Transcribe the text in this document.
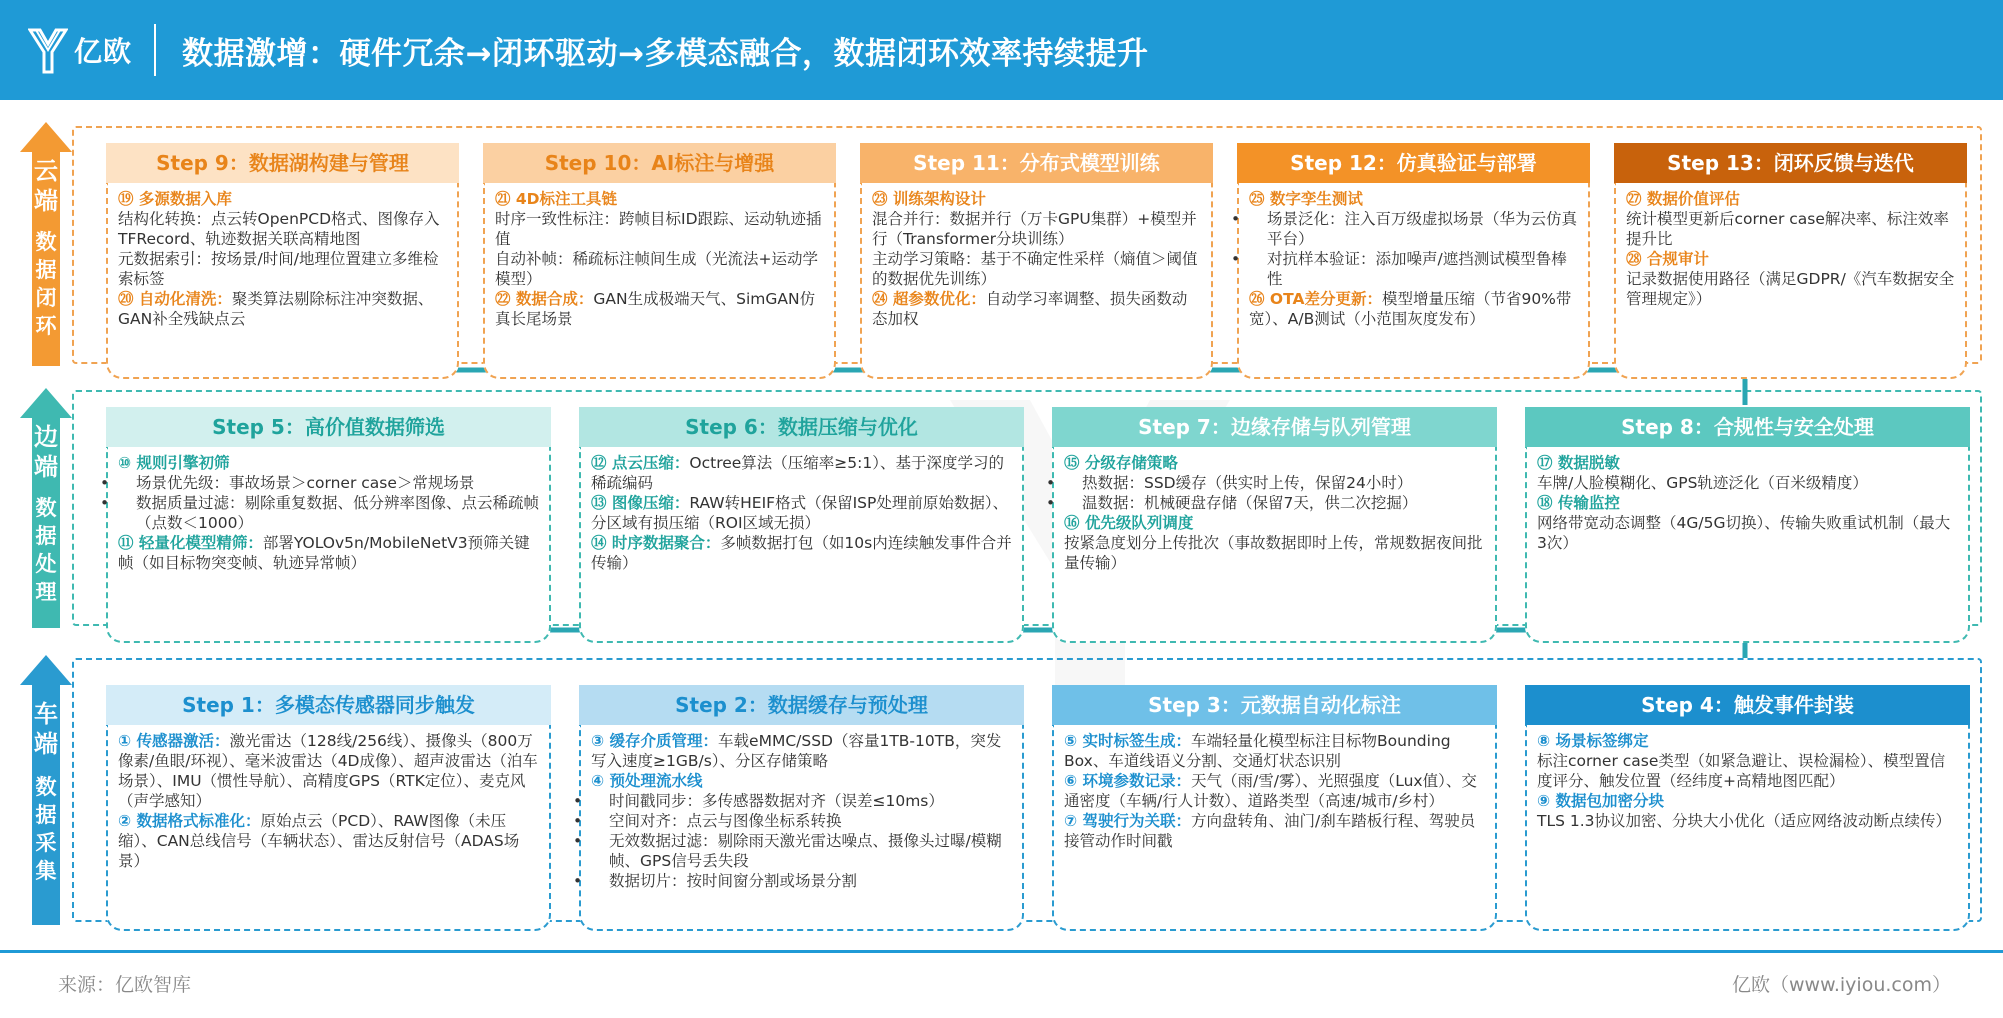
亿欧 数据激增：硬件冗余→闭环驱动→多模态融合，数据闭环效率持续提升
云端
数据闭环
边端
数据处理
车端
数据采集
Step 9：数据湖构建与管理
⑲ 多源数据入库
结构化转换：点云转OpenPCD格式、图像存入TFRecord、轨迹数据关联高精地图
元数据索引：按场景/时间/地理位置建立多维检索标签
⑳ 自动化清洗：聚类算法剔除标注冲突数据、GAN补全残缺点云
Step 10：AI标注与增强
㉑ 4D标注工具链
时序一致性标注：跨帧目标ID跟踪、运动轨迹插值
自动补帧：稀疏标注帧间生成（光流法+运动学模型）
㉒ 数据合成：GAN生成极端天气、SimGAN仿真长尾场景
Step 11：分布式模型训练
㉓ 训练架构设计
混合并行：数据并行（万卡GPU集群）+模型并行（Transformer分块训练）
主动学习策略：基于不确定性采样（熵值＞阈值的数据优先训练）
㉔ 超参数优化：自动学习率调整、损失函数动态加权
Step 12：仿真验证与部署
㉕ 数字孪生测试
• 场景泛化：注入百万级虚拟场景（华为云仿真平台）
• 对抗样本验证：添加噪声/遮挡测试模型鲁棒性
㉖ OTA差分更新：模型增量压缩（节省90%带宽）、A/B测试（小范围灰度发布）
Step 13：闭环反馈与迭代
㉗ 数据价值评估
统计模型更新后corner case解决率、标注效率提升比
㉘ 合规审计
记录数据使用路径（满足GDPR/《汽车数据安全管理规定》）
Step 5：高价值数据筛选
⑩ 规则引擎初筛
• 场景优先级：事故场景＞corner case＞常规场景
• 数据质量过滤：剔除重复数据、低分辨率图像、点云稀疏帧（点数＜1000）
⑪ 轻量化模型精筛：部署YOLOv5n/MobileNetV3预筛关键帧（如目标物突变帧、轨迹异常帧）
Step 6：数据压缩与优化
⑫ 点云压缩：Octree算法（压缩率≥5:1）、基于深度学习的稀疏编码
⑬ 图像压缩：RAW转HEIF格式（保留ISP处理前原始数据）、分区域有损压缩（ROI区域无损）
⑭ 时序数据聚合：多帧数据打包（如10s内连续触发事件合并传输）
Step 7：边缘存储与队列管理
⑮ 分级存储策略
• 热数据：SSD缓存（供实时上传，保留24小时）
• 温数据：机械硬盘存储（保留7天，供二次挖掘）
⑯ 优先级队列调度
按紧急度划分上传批次（事故数据即时上传，常规数据夜间批量传输）
Step 8：合规性与安全处理
⑰ 数据脱敏
车牌/人脸模糊化、GPS轨迹泛化（百米级精度）
⑱ 传输监控
网络带宽动态调整（4G/5G切换）、传输失败重试机制（最大3次）
Step 1：多模态传感器同步触发
① 传感器激活：激光雷达（128线/256线）、摄像头（800万像素/鱼眼/环视）、毫米波雷达（4D成像）、超声波雷达（泊车场景）、IMU（惯性导航）、高精度GPS（RTK定位）、麦克风（声学感知）
② 数据格式标准化：原始点云（PCD）、RAW图像（未压缩）、CAN总线信号（车辆状态）、雷达反射信号（ADAS场景）
Step 2：数据缓存与预处理
③ 缓存介质管理：车载eMMC/SSD（容量1TB-10TB，突发写入速度≥1GB/s）、分区存储策略
④ 预处理流水线
• 时间戳同步：多传感器数据对齐（误差≤10ms）
• 空间对齐：点云与图像坐标系转换
• 无效数据过滤：剔除雨天激光雷达噪点、摄像头过曝/模糊帧、GPS信号丢失段
• 数据切片：按时间窗分割或场景分割
Step 3：元数据自动化标注
⑤ 实时标签生成：车端轻量化模型标注目标物Bounding Box、车道线语义分割、交通灯状态识别
⑥ 环境参数记录：天气（雨/雪/雾）、光照强度（Lux值）、交通密度（车辆/行人计数）、道路类型（高速/城市/乡村）
⑦ 驾驶行为关联：方向盘转角、油门/刹车踏板行程、驾驶员接管动作时间戳
Step 4：触发事件封装
⑧ 场景标签绑定
标注corner case类型（如紧急避让、误检漏检）、模型置信度评分、触发位置（经纬度+高精地图匹配）
⑨ 数据包加密分块
TLS 1.3协议加密、分块大小优化（适应网络波动断点续传）
来源：亿欧智库	亿欧（www.iyiou.com）
